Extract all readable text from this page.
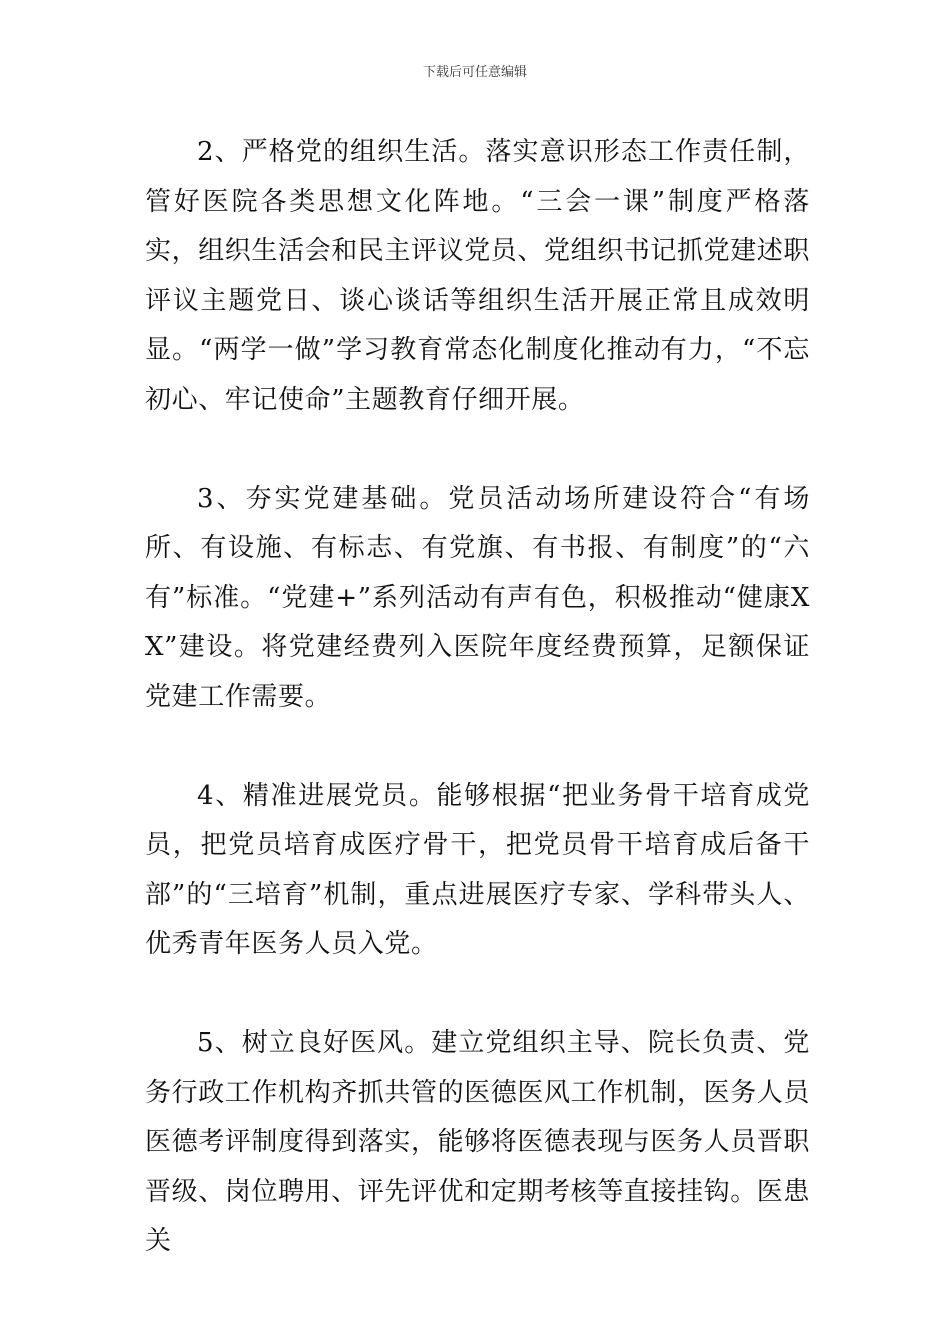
下载后可任意编辑

2、严格党的组织生活。落实意识形态工作责任制，管好医院各类思想文化阵地。“三会一课”制度严格落实，组织生活会和民主评议党员、党组织书记抓党建述职评议主题党日、谈心谈话等组织生活开展正常且成效明显。“两学一做”学习教育常态化制度化推动有力，“不忘初心、牢记使命”主题教育仔细开展。

3、夯实党建基础。党员活动场所建设符合“有场所、有设施、有标志、有党旗、有书报、有制度”的“六有”标准。“党建+”系列活动有声有色，积极推动“健康XX”建设。将党建经费列入医院年度经费预算，足额保证党建工作需要。

4、精准进展党员。能够根据“把业务骨干培育成党员，把党员培育成医疗骨干，把党员骨干培育成后备干部”的“三培育”机制，重点进展医疗专家、学科带头人、优秀青年医务人员入党。

5、树立良好医风。建立党组织主导、院长负责、党务行政工作机构齐抓共管的医德医风工作机制，医务人员医德考评制度得到落实，能够将医德表现与医务人员晋职晋级、岗位聘用、评先评优和定期考核等直接挂钩。医患关
